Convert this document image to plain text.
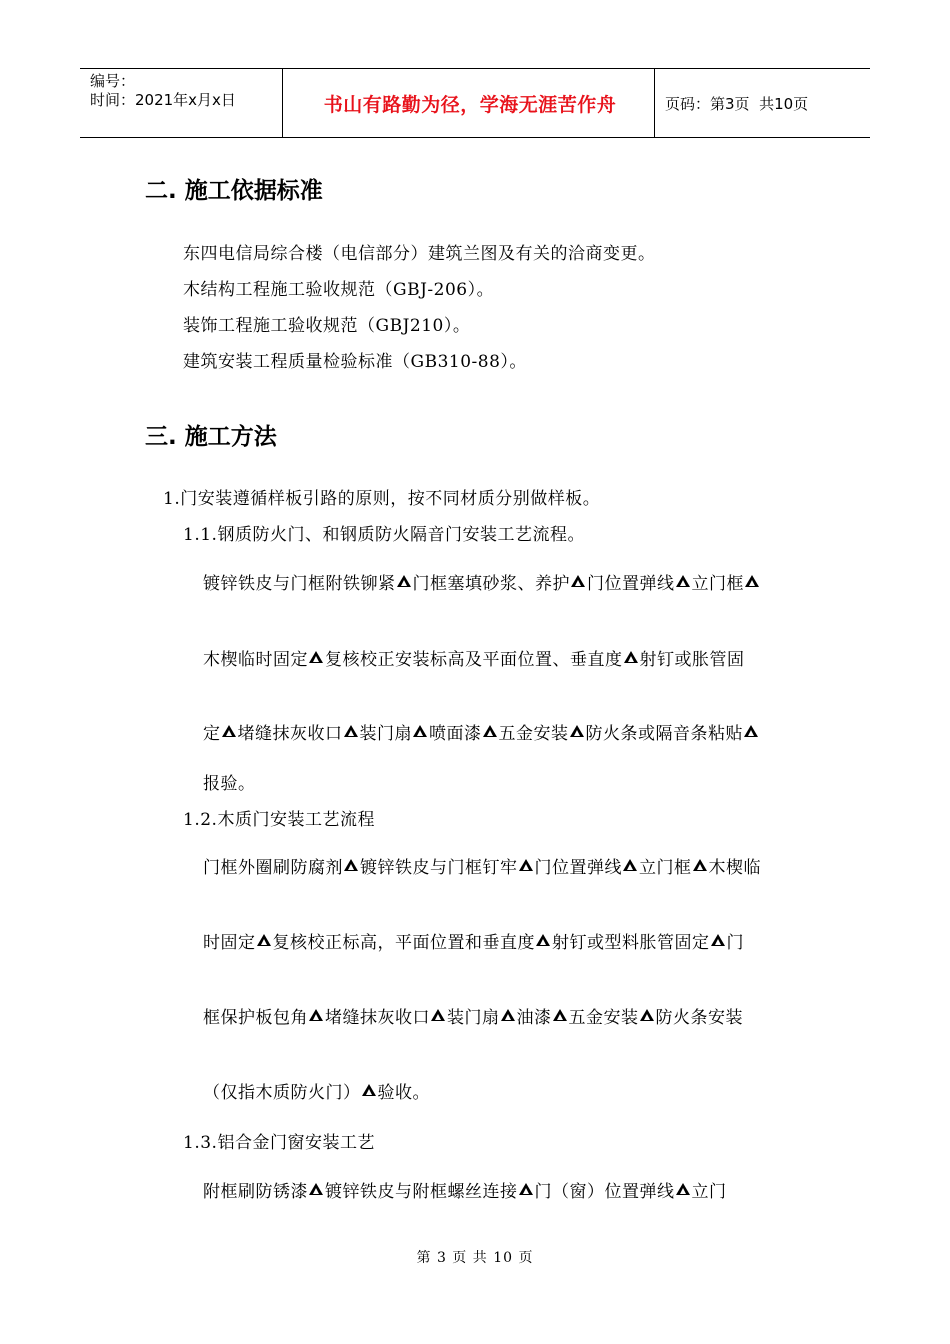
编号：
时间：2021年x月x日	书山有路勤为径，学海无涯苦作舟	页码：第3页  共10页
二. 施工依据标准
东四电信局综合楼（电信部分）建筑兰图及有关的洽商变更。
木结构工程施工验收规范（GBJ-206）。
装饰工程施工验收规范（GBJ210）。
建筑安装工程质量检验标准（GB310-88）。
三. 施工方法
1.门安装遵循样板引路的原则，按不同材质分别做样板。
1.1.钢质防火门、和钢质防火隔音门安装工艺流程。
镀锌铁皮与门框附铁铆紧 门框塞填砂浆、养护 门位置弹线 立门框
木楔临时固定 复核校正安装标高及平面位置、垂直度 射钉或胀管固
定 堵缝抹灰收口 装门扇 喷面漆 五金安装 防火条或隔音条粘贴
报验。
1.2.木质门安装工艺流程
门框外圈刷防腐剂 镀锌铁皮与门框钉牢 门位置弹线 立门框 木楔临
时固定 复核校正标高，平面位置和垂直度 射钉或型料胀管固定 门
框保护板包角 堵缝抹灰收口 装门扇 油漆 五金安装 防火条安装
（仅指木质防火门） 验收。
1.3.铝合金门窗安装工艺
附框刷防锈漆 镀锌铁皮与附框螺丝连接 门（窗）位置弹线 立门
第 3 页 共 10 页
